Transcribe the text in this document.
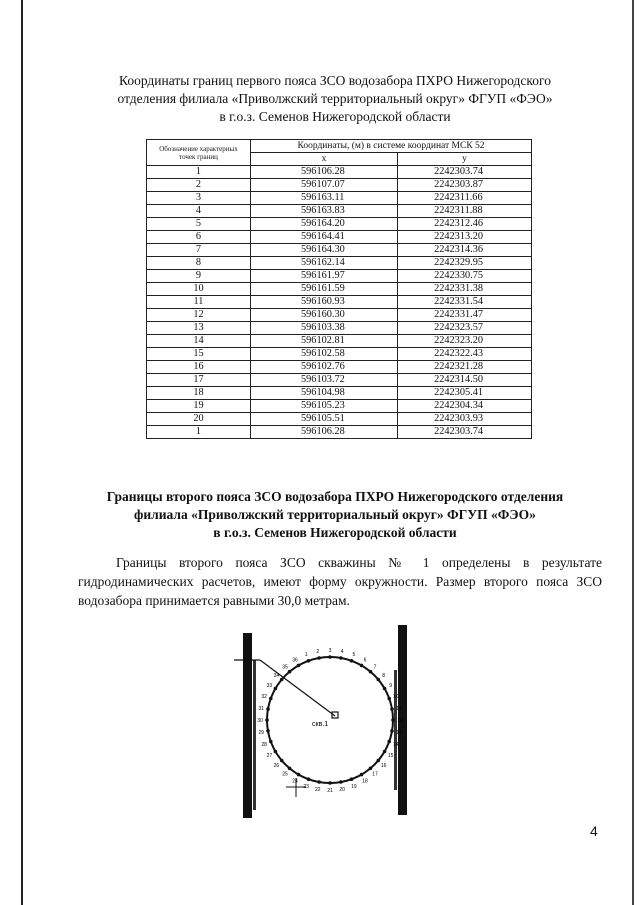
Координаты границ первого пояса ЗСО водозабора ПХРО Нижегородского
отделения филиала «Приволжский территориальный округ» ФГУП «ФЭО»
в г.о.з. Семенов Нижегородской области
Обозначение характерных точек границ	Координаты, (м) в системе координат МСК 52	
	x	y
1	596106.28	2242303.74
2	596107.07	2242303.87
3	596163.11	2242311.66
4	596163.83	2242311.88
5	596164.20	2242312.46
6	596164.41	2242313.20
7	596164.30	2242314.36
8	596162.14	2242329.95
9	596161.97	2242330.75
10	596161.59	2242331.38
11	596160.93	2242331.54
12	596160.30	2242331.47
13	596103.38	2242323.57
14	596102.81	2242323.20
15	596102.58	2242322.43
16	596102.76	2242321.28
17	596103.72	2242314.50
18	596104.98	2242305.41
19	596105.23	2242304.34
20	596105.51	2242303.93
1	596106.28	2242303.74
Границы второго пояса ЗСО водозабора ПХРО Нижегородского отделения
филиала «Приволжский территориальный округ» ФГУП «ФЭО»
в г.о.з. Семенов Нижегородской области

Границы второго пояса ЗСО скважины № 1 определены в результате гидродинамических расчетов, имеют форму окружности. Размер второго пояса ЗСО водозабора принимается равными 30,0 метрам.

скв.1
1
2 3 4
5
6
7
8
9
10
11
12
13
14
15
16
17
18
19
20
21
22
23
24
25
26
27
28
29
30
31
32
33
34
35
36
4
